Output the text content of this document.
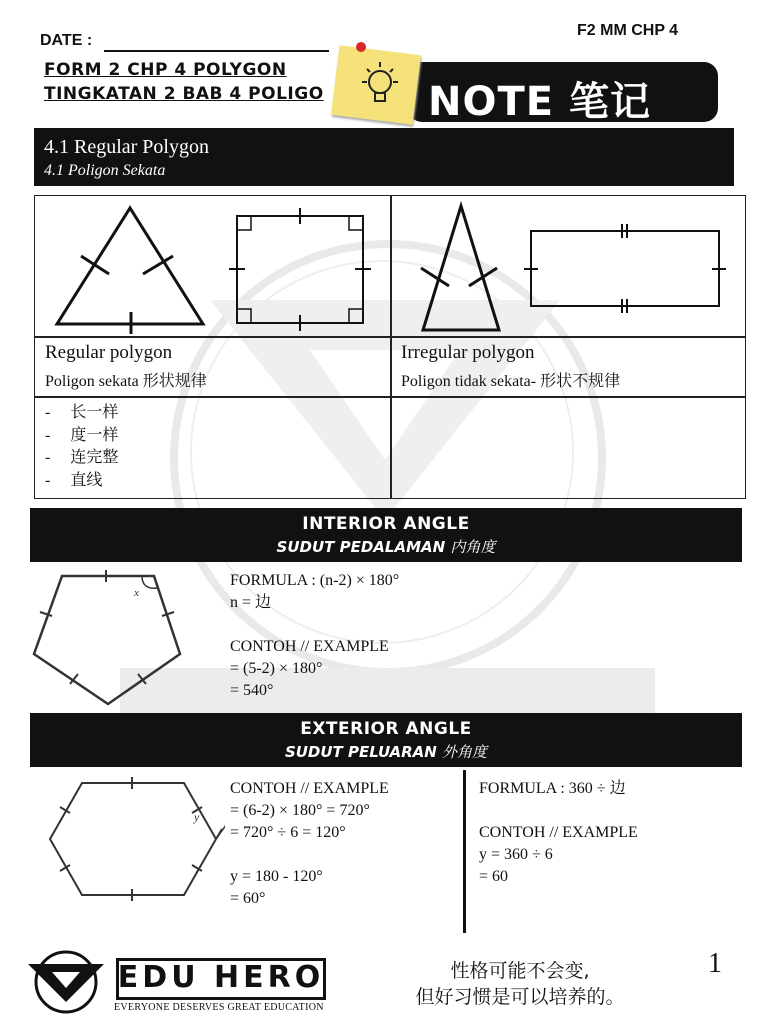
DATE :
F2 MM CHP 4
FORM 2 CHP 4 POLYGON
TINGKATAN 2 BAB 4 POLIGO	NOTE 笔记
4.1 Regular Polygon
4.1 Poligon Sekata
Regular polygon
Poligon sekata 形状规律
Irregular polygon
Poligon tidak sekata- 形状不规律
-     长一样
-     度一样
-     连完整
-     直线
INTERIOR ANGLE
SUDUT PEDALAMAN 内角度
x
FORMULA : (n-2) × 180°
n = 边
CONTOH // EXAMPLE
= (5-2) × 180°
= 540°
EXTERIOR ANGLE
SUDUT PELUARAN 外角度
y
CONTOH // EXAMPLE
= (6-2) × 180° = 720°
= 720° ÷ 6 = 120°
y = 180 - 120°
= 60°
FORMULA : 360 ÷ 边
CONTOH // EXAMPLE
y = 360 ÷ 6
= 60
EDU HERO
EVERYONE DESERVES GREAT EDUCATION
性格可能不会变,
但好习惯是可以培养的。
1
